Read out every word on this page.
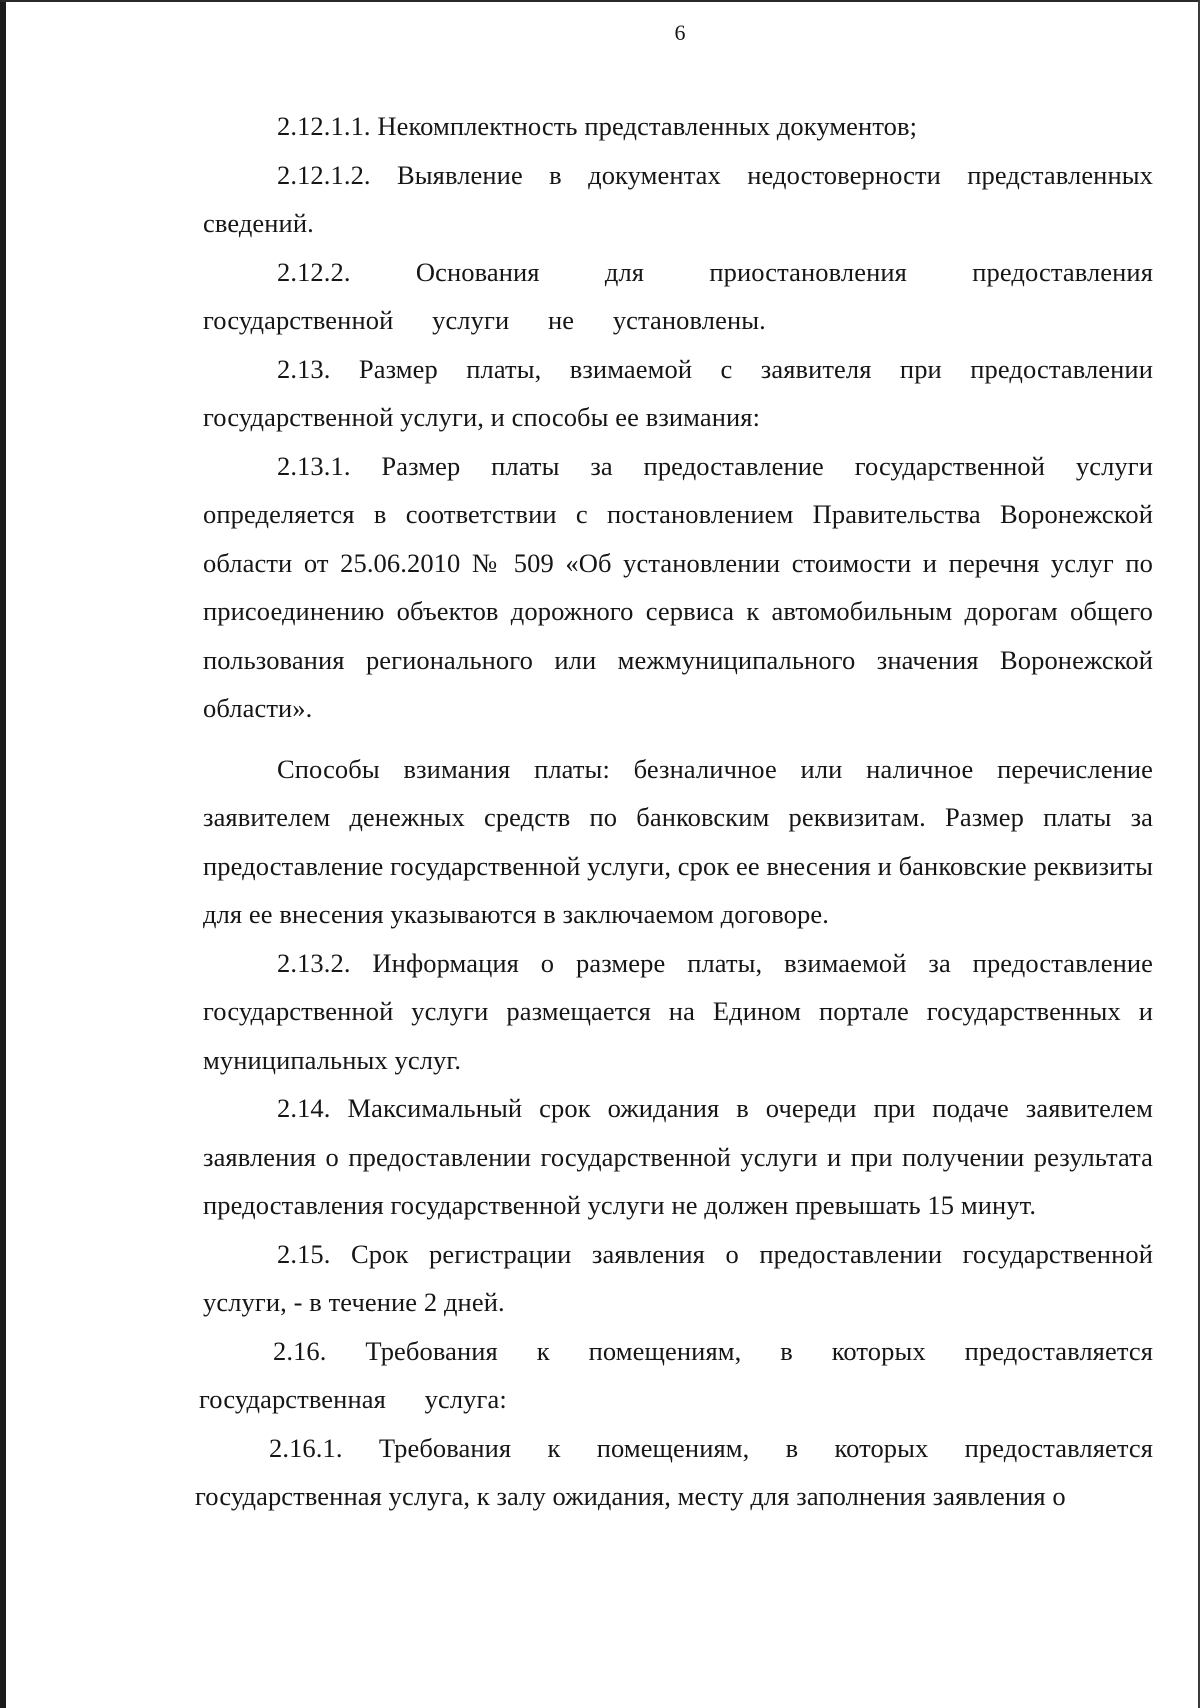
6

2.12.1.1. Некомплектность представленных документов;

2.12.1.2. Выявление в документах недостоверности представленных сведений.

2.12.2. Основания для приостановления предоставления государственной услуги не установлены.

2.13. Размер платы, взимаемой с заявителя при предоставлении государственной услуги, и способы ее взимания:

2.13.1. Размер платы за предоставление государственной услуги определяется в соответствии с постановлением Правительства Воронежской области от 25.06.2010 № 509 «Об установлении стоимости и перечня услуг по присоединению объектов дорожного сервиса к автомобильным дорогам общего пользования регионального или межмуниципального значения Воронежской области».

Способы взимания платы: безналичное или наличное перечисление заявителем денежных средств по банковским реквизитам. Размер платы за предоставление государственной услуги, срок ее внесения и банковские реквизиты для ее внесения указываются в заключаемом договоре.

2.13.2. Информация о размере платы, взимаемой за предоставление государственной услуги размещается на Едином портале государственных и муниципальных услуг.

2.14. Максимальный срок ожидания в очереди при подаче заявителем заявления о предоставлении государственной услуги и при получении результата предоставления государственной услуги не должен превышать 15 минут.

2.15. Срок регистрации заявления о предоставлении государственной услуги, - в течение 2 дней.

2.16. Требования к помещениям, в которых предоставляется государственная услуга:

2.16.1. Требования к помещениям, в которых предоставляется государственная услуга, к залу ожидания, месту для заполнения заявления о
